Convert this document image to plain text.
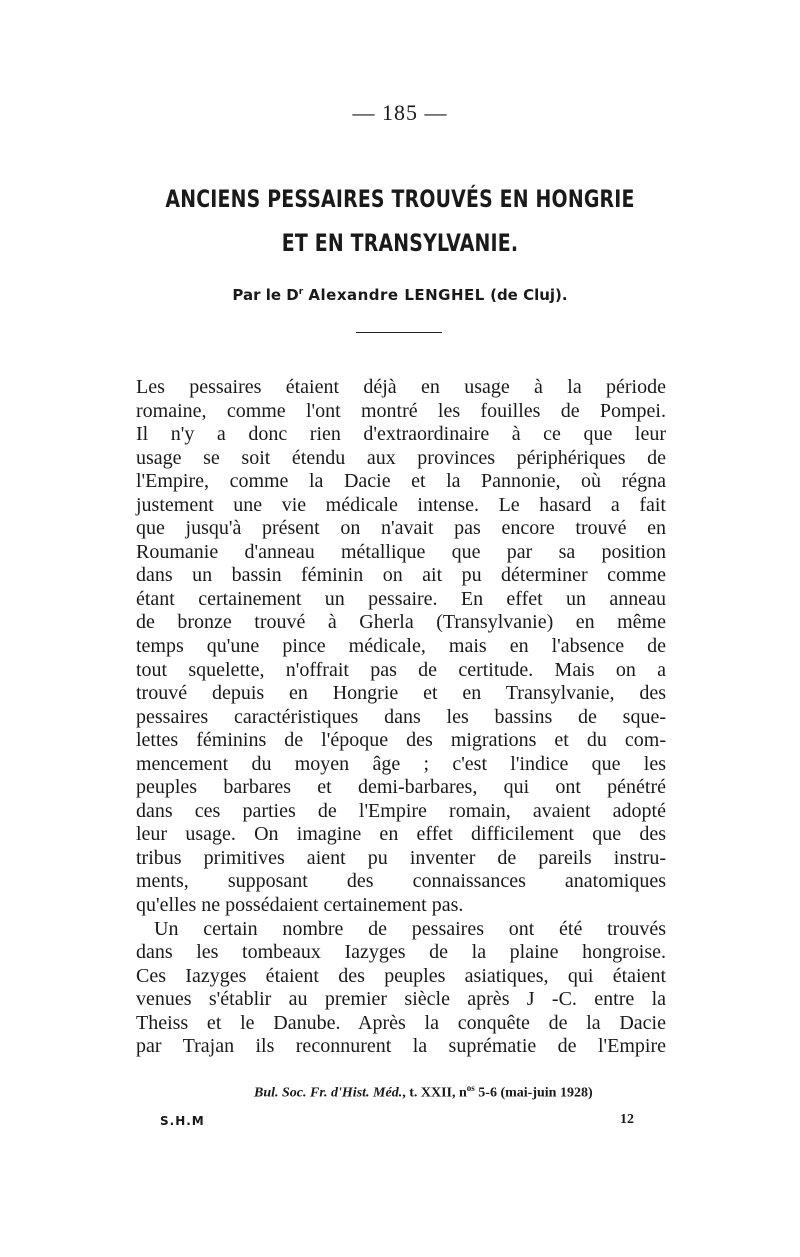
— 185 —
ANCIENS PESSAIRES TROUVÉS EN HONGRIE
ET EN TRANSYLVANIE.
Par le $D^r$ Alexandre LENGHEL (de Cluj).
Les pessaires étaient déjà en usage à la période
romaine, comme l'ont montré les fouilles de Pompei.
Il n'y a donc rien d'extraordinaire à ce que leur
usage se soit étendu aux provinces périphériques de
l'Empire, comme la Dacie et la Pannonie, où régna
justement une vie médicale intense. Le hasard a fait
que jusqu'à présent on n'avait pas encore trouvé en
Roumanie d'anneau métallique que par sa position
dans un bassin féminin on ait pu déterminer comme
étant certainement un pessaire. En effet un anneau
de bronze trouvé à Gherla (Transylvanie) en même
temps qu'une pince médicale, mais en l'absence de
tout squelette, n'offrait pas de certitude. Mais on a
trouvé depuis en Hongrie et en Transylvanie, des
pessaires caractéristiques dans les bassins de sque-
lettes féminins de l'époque des migrations et du com-
mencement du moyen âge ; c'est l'indice que les
peuples barbares et demi-barbares, qui ont pénétré
dans ces parties de l'Empire romain, avaient adopté
leur usage. On imagine en effet difficilement que des
tribus primitives aient pu inventer de pareils instru-
ments, supposant des connaissances anatomiques
qu'elles ne possédaient certainement pas.
Un certain nombre de pessaires ont été trouvés
dans les tombeaux Iazyges de la plaine hongroise.
Ces Iazyges étaient des peuples asiatiques, qui étaient
venues s'établir au premier siècle après J -C. entre la
Theiss et le Danube. Après la conquête de la Dacie
par Trajan ils reconnurent la suprématie de l'Empire
Bul. Soc. Fr. d'Hist. Méd., t. XXII, $n^{os}$ 5-6 (mai-juin 1928)
S.H.M	12
